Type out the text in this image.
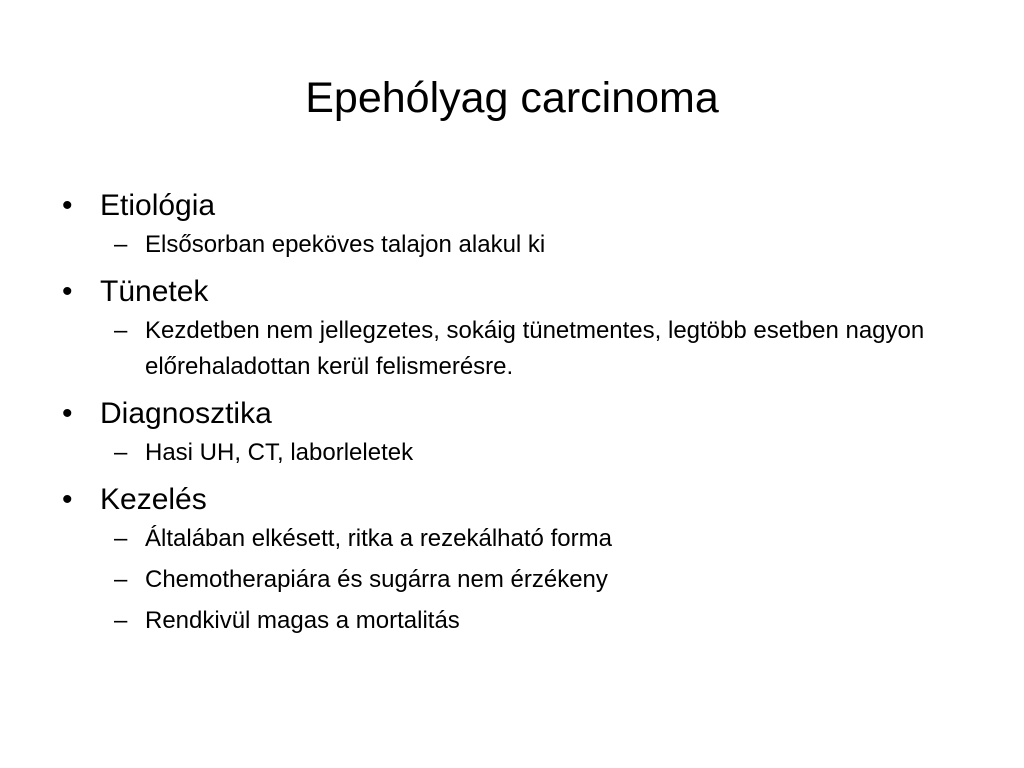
Epehólyag carcinoma
• Etiológia
– Elsősorban epeköves talajon alakul ki
• Tünetek
– Kezdetben nem jellegzetes, sokáig tünetmentes, legtöbb esetben nagyon előrehaladottan kerül felismerésre.
• Diagnosztika
– Hasi UH, CT, laborleletek
• Kezelés
– Általában elkésett, ritka a rezekálható forma
– Chemotherapiára és sugárra nem érzékeny
– Rendkivül magas a mortalitás
